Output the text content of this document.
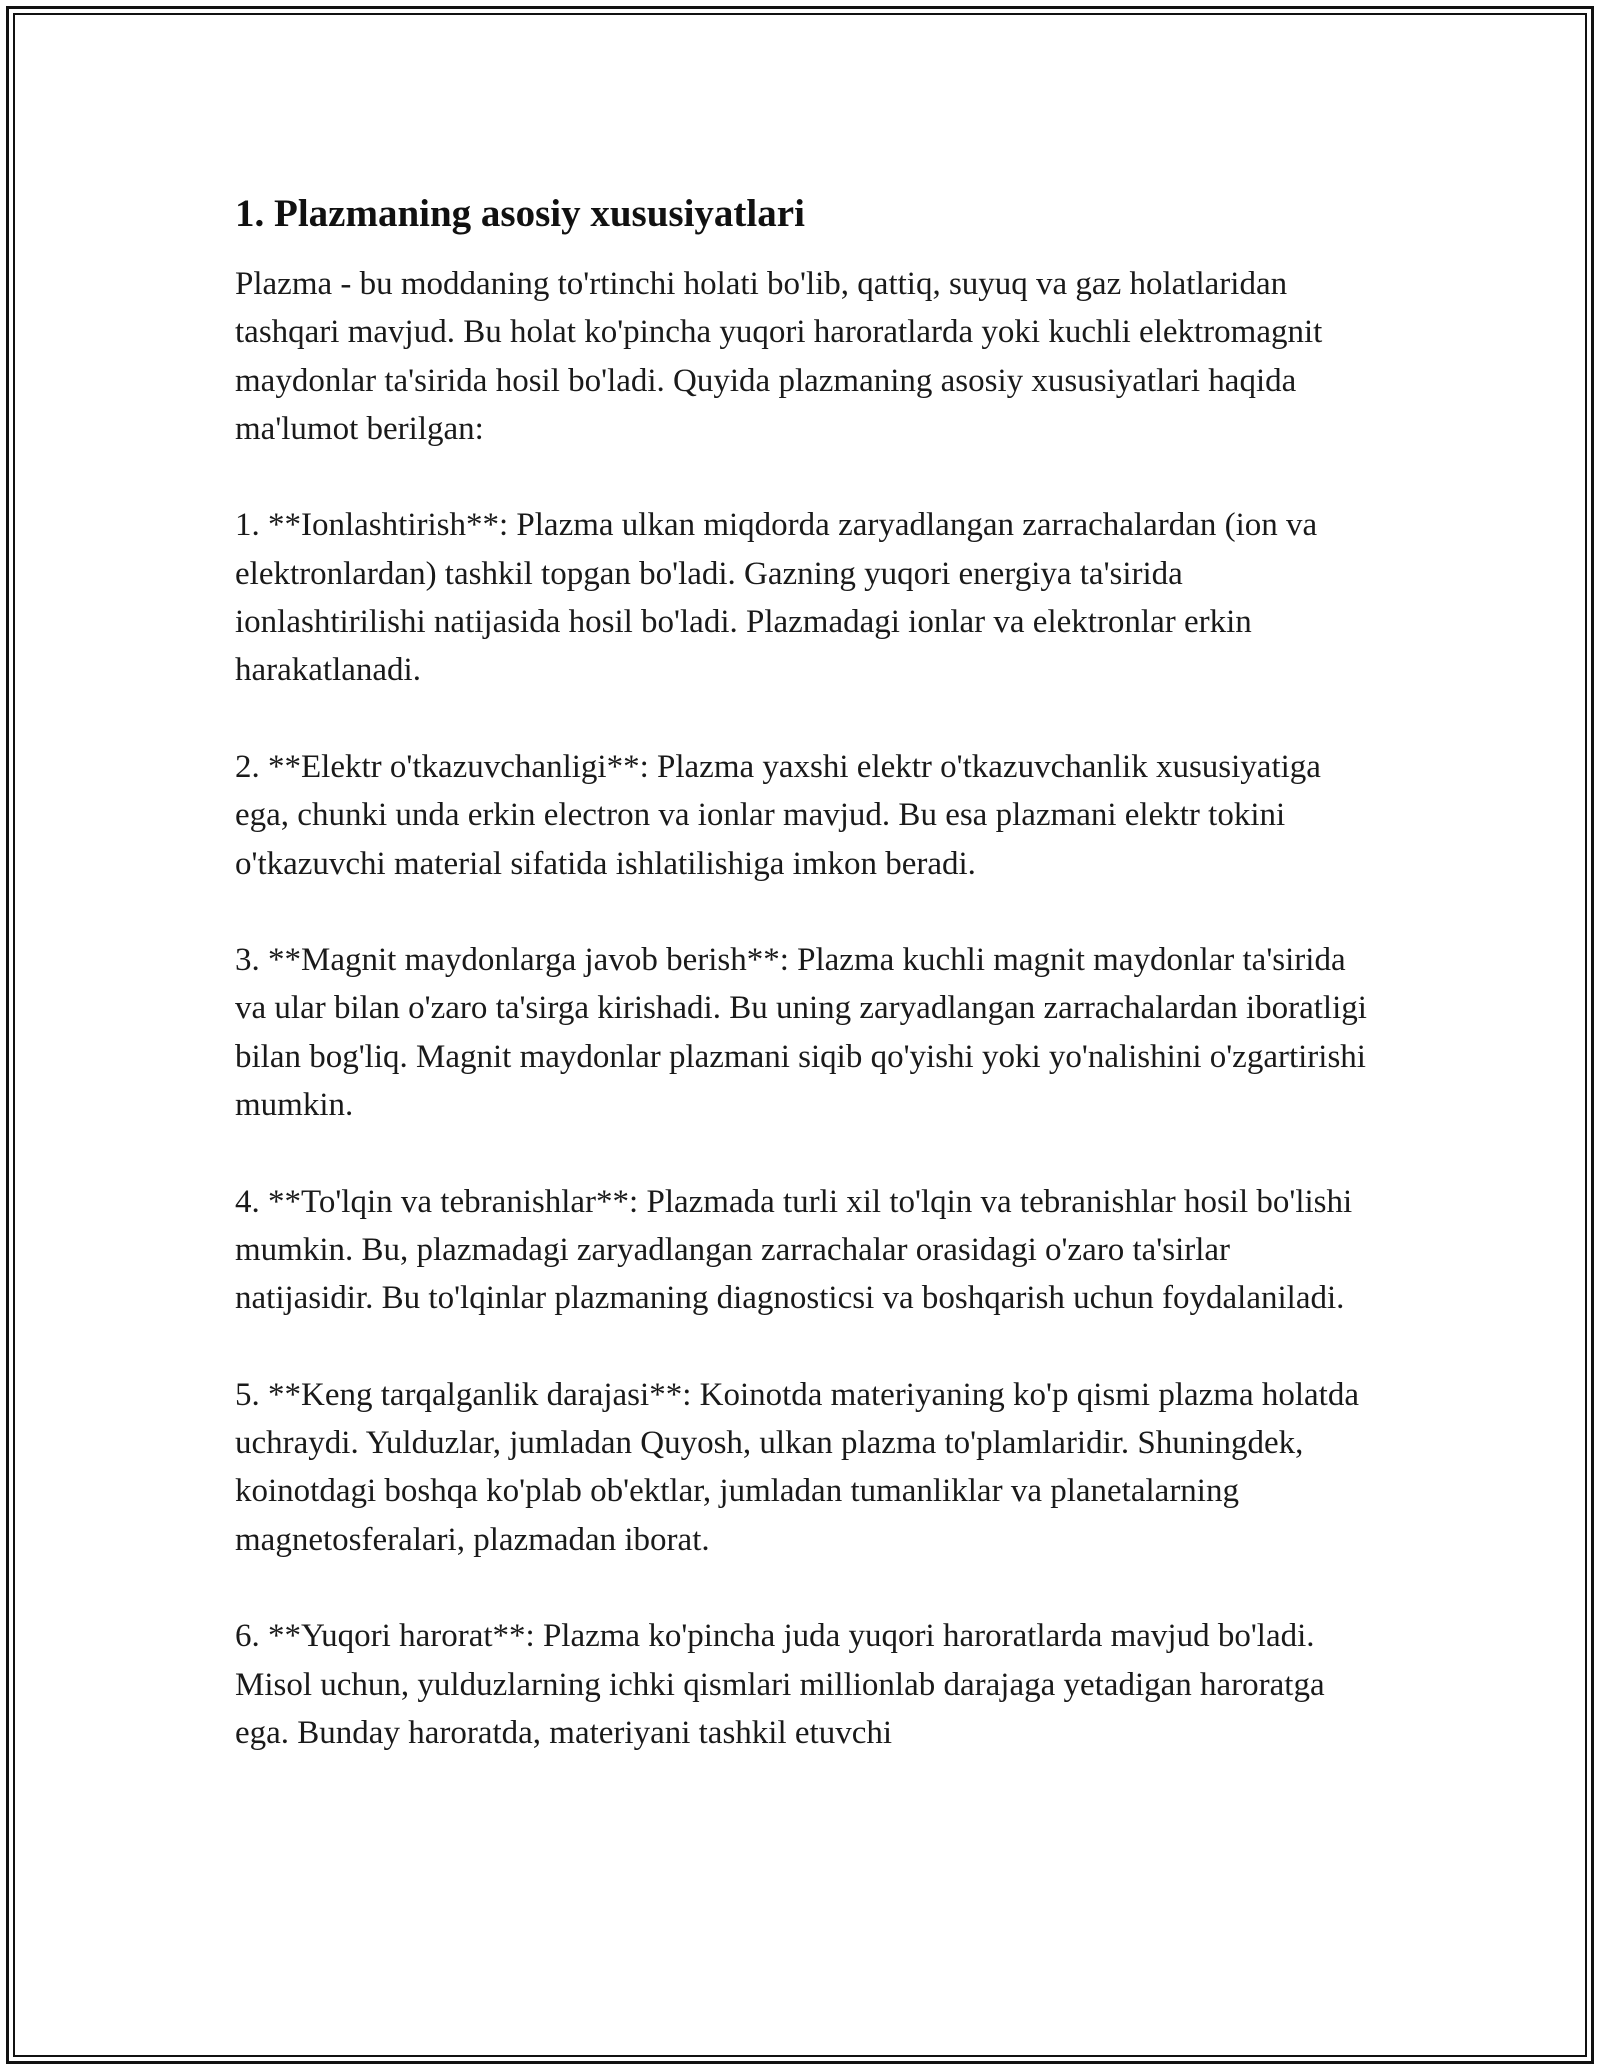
1. Plazmaning asosiy xususiyatlari

Plazma - bu moddaning to'rtinchi holati bo'lib, qattiq, suyuq va gaz holatlaridan tashqari mavjud. Bu holat ko'pincha yuqori haroratlarda yoki kuchli elektromagnit maydonlar ta'sirida hosil bo'ladi. Quyida plazmaning asosiy xususiyatlari haqida ma'lumot berilgan:

1. **Ionlashtirish**: Plazma ulkan miqdorda zaryadlangan zarrachalardan (ion va elektronlardan) tashkil topgan bo'ladi. Gazning yuqori energiya ta'sirida ionlashtirilishi natijasida hosil bo'ladi. Plazmadagi ionlar va elektronlar erkin harakatlanadi.

2. **Elektr o'tkazuvchanligi**: Plazma yaxshi elektr o'tkazuvchanlik xususiyatiga ega, chunki unda erkin electron va ionlar mavjud. Bu esa plazmani elektr tokini o'tkazuvchi material sifatida ishlatilishiga imkon beradi.

3. **Magnit maydonlarga javob berish**: Plazma kuchli magnit maydonlar ta'sirida va ular bilan o'zaro ta'sirga kirishadi. Bu uning zaryadlangan zarrachalardan iboratligi bilan bog'liq. Magnit maydonlar plazmani siqib qo'yishi yoki yo'nalishini o'zgartirishi mumkin.

4. **To'lqin va tebranishlar**: Plazmada turli xil to'lqin va tebranishlar hosil bo'lishi mumkin. Bu, plazmadagi zaryadlangan zarrachalar orasidagi o'zaro ta'sirlar natijasidir. Bu to'lqinlar plazmaning diagnosticsi va boshqarish uchun foydalaniladi.

5. **Keng tarqalganlik darajasi**: Koinotda materiyaning ko'p qismi plazma holatda uchraydi. Yulduzlar, jumladan Quyosh, ulkan plazma to'plamlaridir. Shuningdek, koinotdagi boshqa ko'plab ob'ektlar, jumladan tumanliklar va planetalarning magnetosferalari, plazmadan iborat.

6. **Yuqori harorat**: Plazma ko'pincha juda yuqori haroratlarda mavjud bo'ladi. Misol uchun, yulduzlarning ichki qismlari millionlab darajaga yetadigan haroratga ega. Bunday haroratda, materiyani tashkil etuvchi
